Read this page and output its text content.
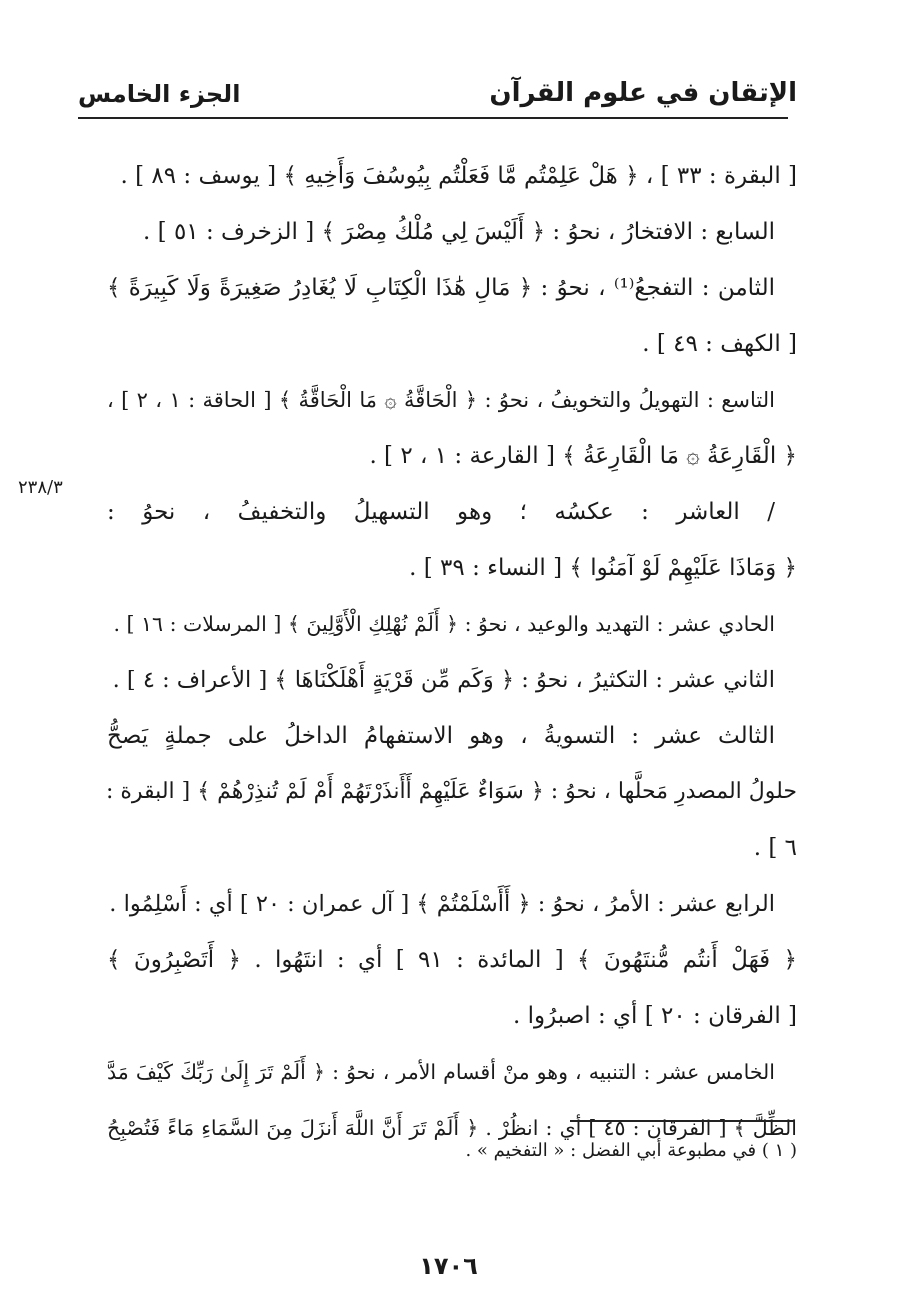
الإتقان في علوم القرآن
الجزء الخامس
٢٣٨/٣
[ البقرة : ٣٣ ] ، ﴿ هَلْ عَلِمْتُم مَّا فَعَلْتُم بِيُوسُفَ وَأَخِيهِ ﴾ [ يوسف : ٨٩ ] .
السابع : الافتخارُ ، نحوُ : ﴿ أَلَيْسَ لِي مُلْكُ مِصْرَ ﴾ [ الزخرف : ٥١ ] .
الثامن : التفجعُ⁽¹⁾ ، نحوُ : ﴿ مَالِ هَٰذَا الْكِتَابِ لَا يُغَادِرُ صَغِيرَةً وَلَا كَبِيرَةً ﴾
[ الكهف : ٤٩ ] .
التاسع : التهويلُ والتخويفُ ، نحوُ : ﴿ الْحَاقَّةُ ۞ مَا الْحَاقَّةُ ﴾ [ الحاقة : ١ ، ٢ ] ،
﴿ الْقَارِعَةُ ۞ مَا الْقَارِعَةُ ﴾ [ القارعة : ١ ، ٢ ] .
/ العاشر : عكسُه ؛ وهو التسهيلُ والتخفيفُ ، نحوُ :
﴿ وَمَاذَا عَلَيْهِمْ لَوْ آمَنُوا ﴾ [ النساء : ٣٩ ] .
الحادي عشر : التهديد والوعيد ، نحوُ : ﴿ أَلَمْ نُهْلِكِ الْأَوَّلِينَ ﴾ [ المرسلات : ١٦ ] .
الثاني عشر : التكثيرُ ، نحوُ : ﴿ وَكَم مِّن قَرْيَةٍ أَهْلَكْنَاهَا ﴾ [ الأعراف : ٤ ] .
الثالث عشر : التسويةُ ، وهو الاستفهامُ الداخلُ على جملةٍ يَصحُّ
حلولُ المصدرِ مَحلَّها ، نحوُ : ﴿ سَوَاءٌ عَلَيْهِمْ أَأَنذَرْتَهُمْ أَمْ لَمْ تُنذِرْهُمْ ﴾ [ البقرة :
٦ ] .
الرابع عشر : الأمرُ ، نحوُ : ﴿ أَأَسْلَمْتُمْ ﴾ [ آل عمران : ٢٠ ] أي : أَسْلِمُوا .
﴿ فَهَلْ أَنتُم مُّنتَهُونَ ﴾ [ المائدة : ٩١ ] أي : انتَهُوا . ﴿ أَتَصْبِرُونَ ﴾
[ الفرقان : ٢٠ ] أي : اصبرُوا .
الخامس عشر : التنبيه ، وهو منْ أقسام الأمر ، نحوُ : ﴿ أَلَمْ تَرَ إِلَىٰ رَبِّكَ كَيْفَ مَدَّ
الظِّلَّ ﴾ [ الفرقان : ٤٥ ] أي : انظُرْ . ﴿ أَلَمْ تَرَ أَنَّ اللَّهَ أَنزَلَ مِنَ السَّمَاءِ مَاءً فَتُصْبِحُ
( ١ ) في مطبوعة أبي الفضل : « التفخيم » .
١٧٠٦
